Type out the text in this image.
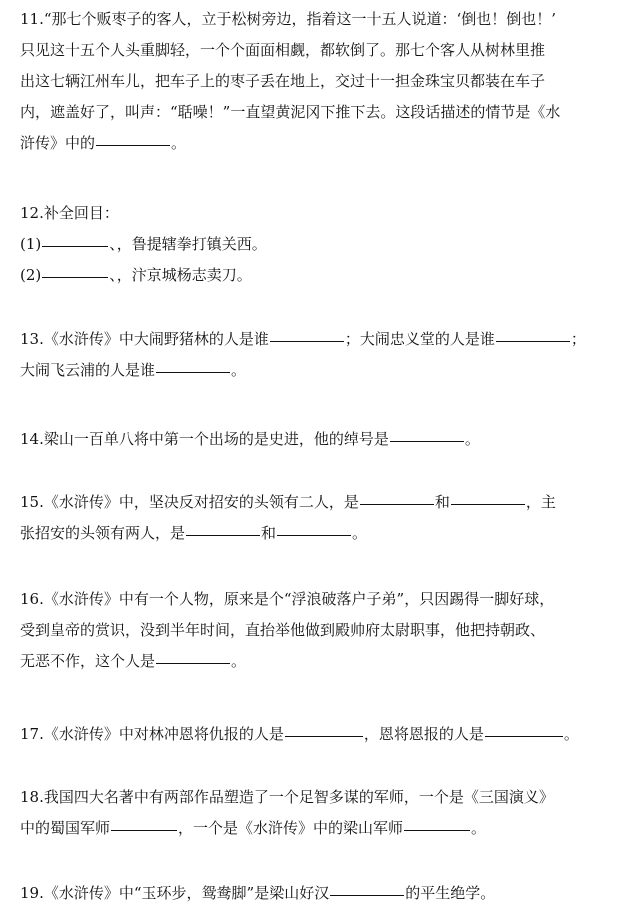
11.“那七个贩枣子的客人，立于松树旁边，指着这一十五人说道：‘倒也！倒也！’
只见这十五个人头重脚轻，一个个面面相觑，都软倒了。那七个客人从树林里推
出这七辆江州车儿，把车子上的枣子丢在地上，交过十一担金珠宝贝都装在车子
内，遮盖好了，叫声：“聒噪！”一直望黄泥冈下推下去。这段话描述的情节是《水
浒传》中的	。
12.补全回目：
(1)	、，鲁提辖拳打镇关西。
(2)	、，汴京城杨志卖刀。
13.《水浒传》中大闹野猪林的人是谁	；大闹忠义堂的人是谁	；
大闹飞云浦的人是谁	。
14.梁山一百单八将中第一个出场的是史进，他的绰号是	。
15.《水浒传》中，坚决反对招安的头领有二人，是	和	，主
张招安的头领有两人，是	和	。
16.《水浒传》中有一个人物，原来是个“浮浪破落户子弟”，只因踢得一脚好球，
受到皇帝的赏识，没到半年时间，直抬举他做到殿帅府太尉职事，他把持朝政、
无恶不作，这个人是	。
17.《水浒传》中对林冲恩将仇报的人是	，恩将恩报的人是	。
18.我国四大名著中有两部作品塑造了一个足智多谋的军师，一个是《三国演义》
中的蜀国军师	，一个是《水浒传》中的梁山军师	。
19.《水浒传》中“玉环步，鸳鸯脚”是梁山好汉	的平生绝学。
